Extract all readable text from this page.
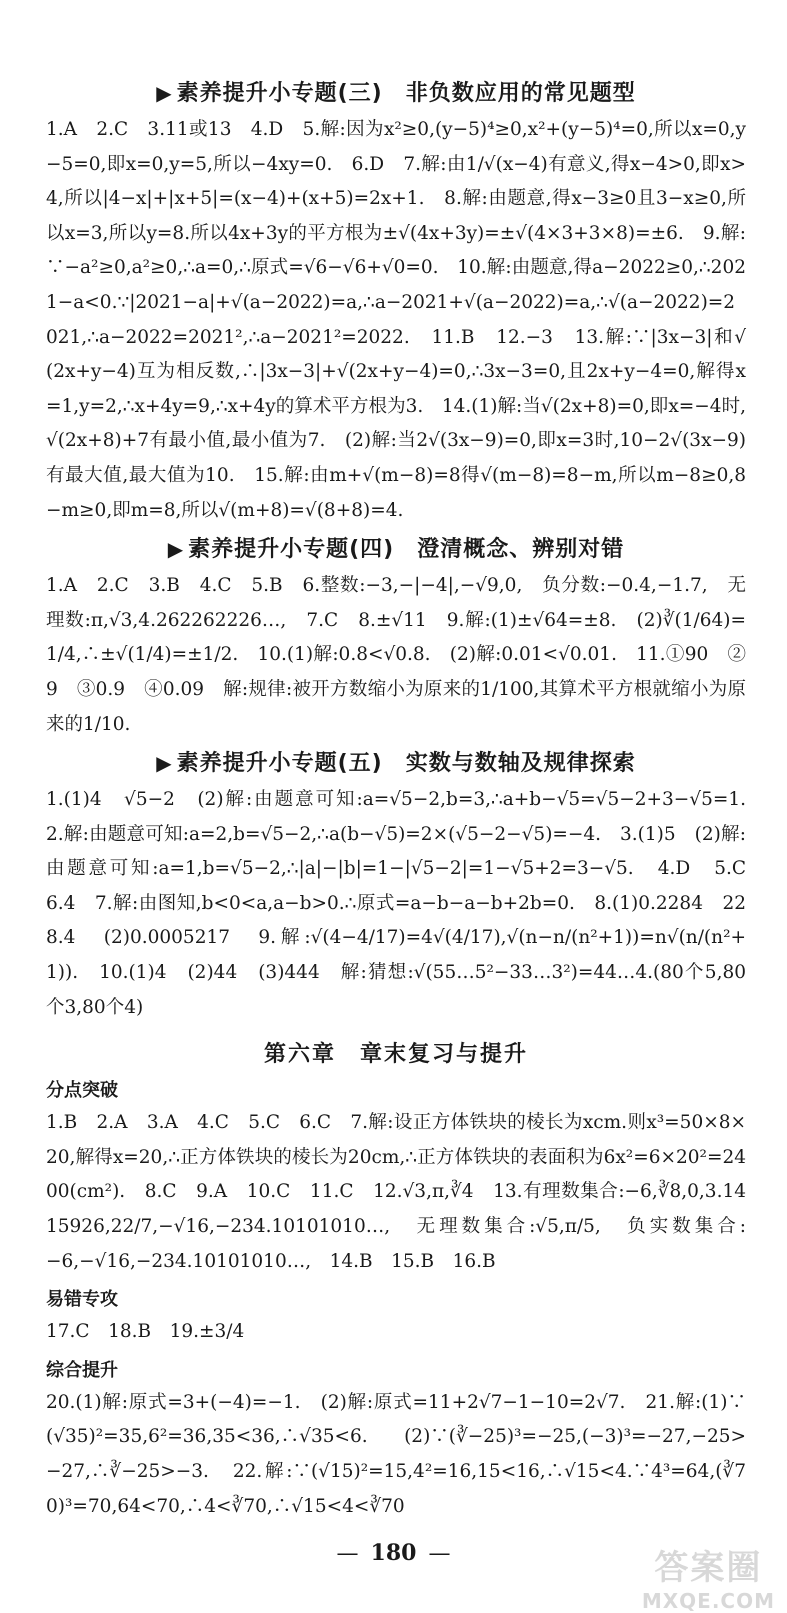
▶ 素养提升小专题(三)　非负数应用的常见题型

1.A　2.C　3.11或13　4.D　5.解:因为x²≥0,(y−5)⁴≥0,x²+(y−5)⁴=0,所以x=0,y−5=0,即x=0,y=5,所以−4xy=0.　6.D　7.解:由1/√(x−4)有意义,得x−4>0,即x>4,所以|4−x|+|x+5|=(x−4)+(x+5)=2x+1.　8.解:由题意,得x−3≥0且3−x≥0,所以x=3,所以y=8.所以4x+3y的平方根为±√(4x+3y)=±√(4×3+3×8)=±6.　9.解:∵−a²≥0,a²≥0,∴a=0,∴原式=√6−√6+√0=0.　10.解:由题意,得a−2022≥0,∴2021−a<0.∵|2021−a|+√(a−2022)=a,∴a−2021+√(a−2022)=a,∴√(a−2022)=2021,∴a−2022=2021²,∴a−2021²=2022.　11.B　12.−3　13.解:∵|3x−3|和√(2x+y−4)互为相反数,∴|3x−3|+√(2x+y−4)=0,∴3x−3=0,且2x+y−4=0,解得x=1,y=2,∴x+4y=9,∴x+4y的算术平方根为3.　14.(1)解:当√(2x+8)=0,即x=−4时,√(2x+8)+7有最小值,最小值为7.　(2)解:当2√(3x−9)=0,即x=3时,10−2√(3x−9)有最大值,最大值为10.　15.解:由m+√(m−8)=8得√(m−8)=8−m,所以m−8≥0,8−m≥0,即m=8,所以√(m+8)=√(8+8)=4.

▶ 素养提升小专题(四)　澄清概念、辨别对错

1.A　2.C　3.B　4.C　5.B　6.整数:−3,−|−4|,−√9,0,　负分数:−0.4,−1.7,　无理数:π,√3,4.262262226…,　7.C　8.±√11　9.解:(1)±√64=±8.　(2)∛(1/64)=1/4,∴±√(1/4)=±1/2.　10.(1)解:0.8<√0.8.　(2)解:0.01<√0.01.　11.①90　②9　③0.9　④0.09　解:规律:被开方数缩小为原来的1/100,其算术平方根就缩小为原来的1/10.

▶ 素养提升小专题(五)　实数与数轴及规律探索

1.(1)4　√5−2　(2)解:由题意可知:a=√5−2,b=3,∴a+b−√5=√5−2+3−√5=1.　2.解:由题意可知:a=2,b=√5−2,∴a(b−√5)=2×(√5−2−√5)=−4.　3.(1)5　(2)解:由题意可知:a=1,b=√5−2,∴|a|−|b|=1−|√5−2|=1−√5+2=3−√5.　4.D　5.C　6.4　7.解:由图知,b<0<a,a−b>0.∴原式=a−b−a−b+2b=0.　8.(1)0.2284　228.4　(2)0.0005217　9.解:√(4−4/17)=4√(4/17),√(n−n/(n²+1))=n√(n/(n²+1)).　10.(1)4　(2)44　(3)444　解:猜想:√(55…5²−33…3²)=44…4.(80个5,80个3,80个4)

第六章　章末复习与提升
分点突破

1.B　2.A　3.A　4.C　5.C　6.C　7.解:设正方体铁块的棱长为xcm.则x³=50×8×20,解得x=20,∴正方体铁块的棱长为20cm,∴正方体铁块的表面积为6x²=6×20²=2400(cm²).　8.C　9.A　10.C　11.C　12.√3,π,∛4　13.有理数集合:−6,∛8,0,3.1415926,22/7,−√16,−234.10101010…,　无理数集合:√5,π/5,　负实数集合:−6,−√16,−234.10101010…,　14.B　15.B　16.B

易错专攻

17.C　18.B　19.±3/4

综合提升

20.(1)解:原式=3+(−4)=−1.　(2)解:原式=11+2√7−1−10=2√7.　21.解:(1)∵(√35)²=35,6²=36,35<36,∴√35<6.　(2)∵(∛−25)³=−25,(−3)³=−27,−25>−27,∴∛−25>−3.　22.解:∵(√15)²=15,4²=16,15<16,∴√15<4.∵4³=64,(∛70)³=70,64<70,∴4<∛70,∴√15<4<∛70

— 180 —	答案圈
MXQE.COM
